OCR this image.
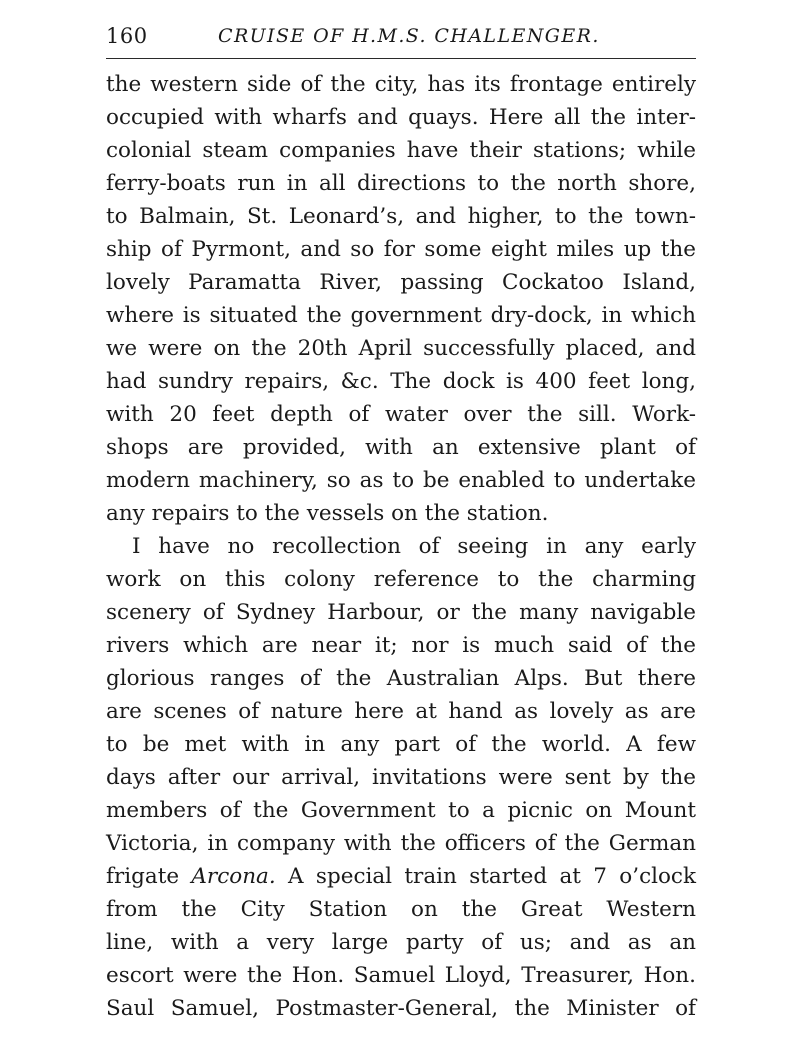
160	CRUISE OF H.M.S. CHALLENGER.
the western side of the city, has its frontage entirely
occupied with wharfs and quays. Here all the inter-
colonial steam companies have their stations; while
ferry-boats run in all directions to the north shore,
to Balmain, St. Leonard’s, and higher, to the town-
ship of Pyrmont, and so for some eight miles up the
lovely Paramatta River, passing Cockatoo Island,
where is situated the government dry-dock, in which
we were on the 20th April successfully placed, and
had sundry repairs, &c. The dock is 400 feet long,
with 20 feet depth of water over the sill. Work-
shops are provided, with an extensive plant of
modern machinery, so as to be enabled to undertake
any repairs to the vessels on the station.
I have no recollection of seeing in any early
work on this colony reference to the charming
scenery of Sydney Harbour, or the many navigable
rivers which are near it; nor is much said of the
glorious ranges of the Australian Alps. But there
are scenes of nature here at hand as lovely as are
to be met with in any part of the world. A few
days after our arrival, invitations were sent by the
members of the Government to a picnic on Mount
Victoria, in company with the officers of the German
frigate Arcona. A special train started at 7 o’clock
from the City Station on the Great Western
line, with a very large party of us; and as an
escort were the Hon. Samuel Lloyd, Treasurer, Hon.
Saul Samuel, Postmaster-General, the Minister of
